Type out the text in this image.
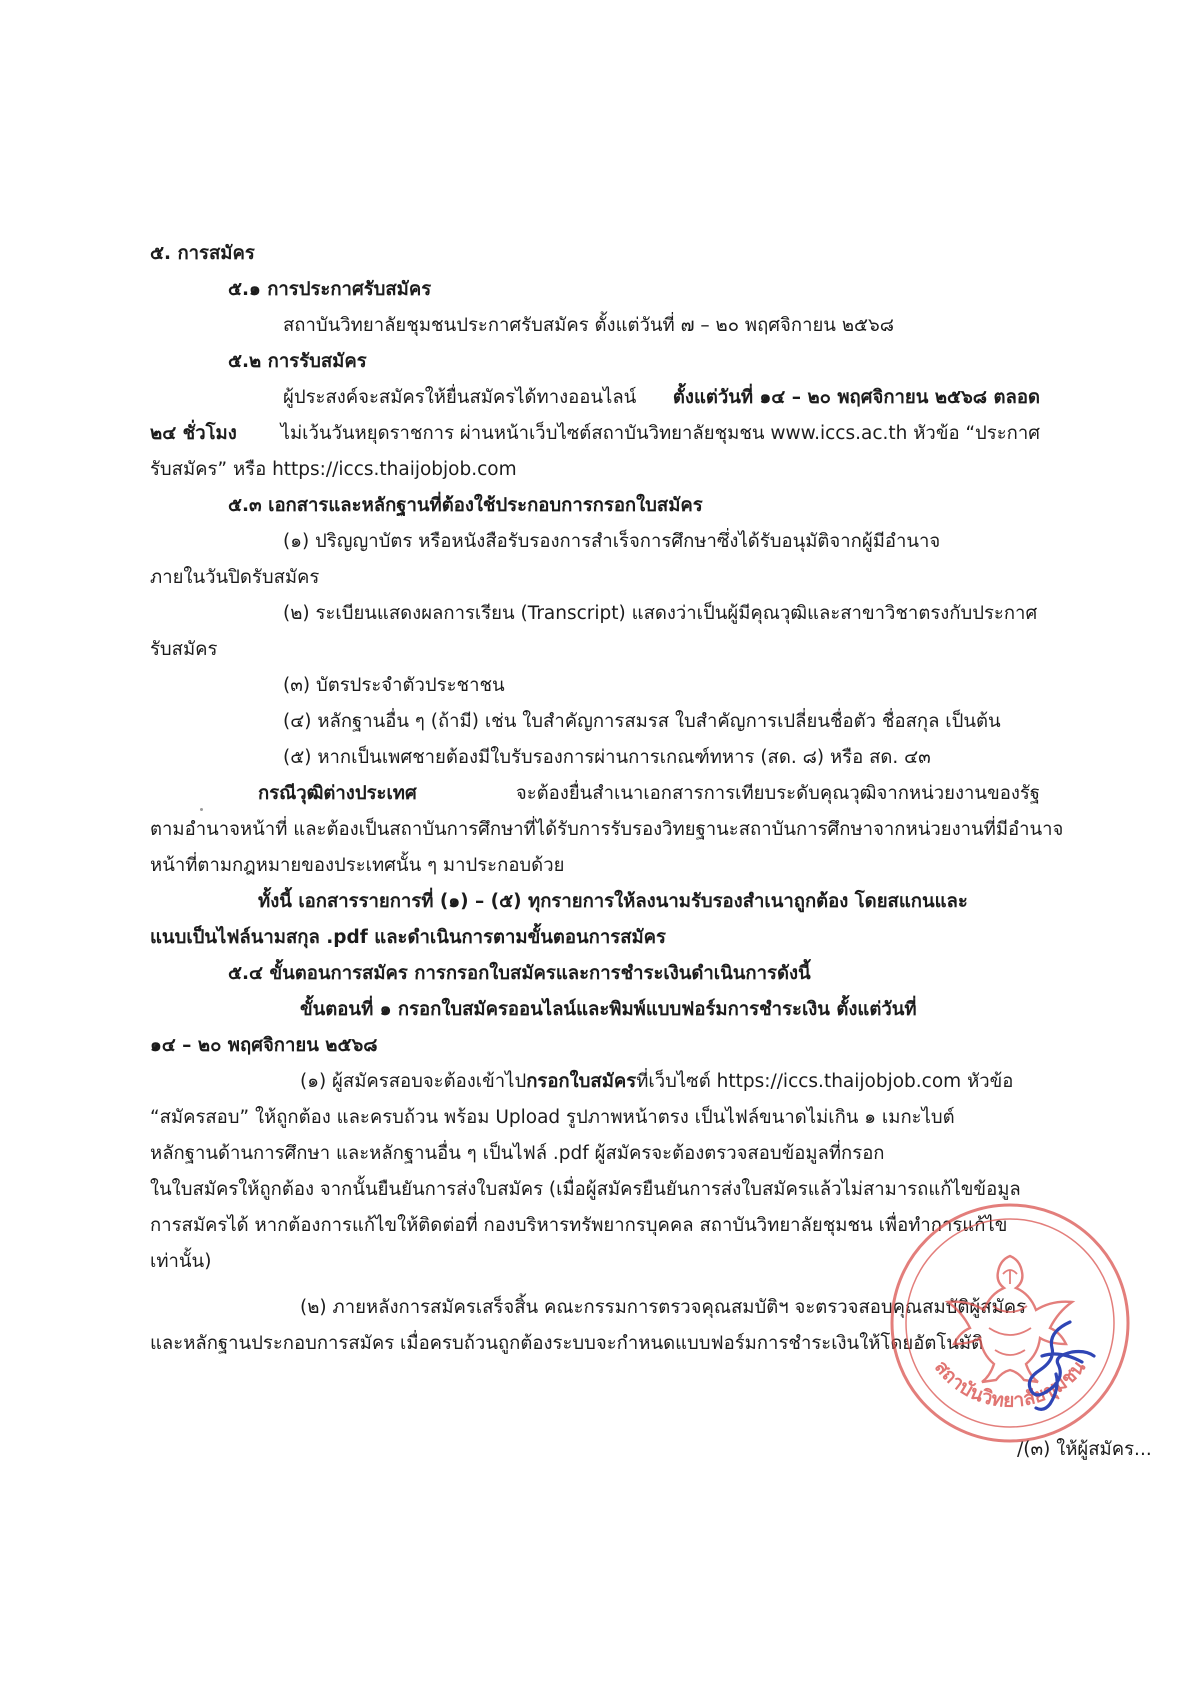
๕. การสมัคร
๕.๑ การประกาศรับสมัคร
สถาบันวิทยาลัยชุมชนประกาศรับสมัคร ตั้งแต่วันที่ ๗ – ๒๐ พฤศจิกายน ๒๕๖๘
๕.๒ การรับสมัคร
ผู้ประสงค์จะสมัครให้ยื่นสมัครได้ทางออนไลน์ ตั้งแต่วันที่ ๑๔ – ๒๐ พฤศจิกายน ๒๕๖๘ ตลอด
๒๔ ชั่วโมง ไม่เว้นวันหยุดราชการ ผ่านหน้าเว็บไซต์สถาบันวิทยาลัยชุมชน www.iccs.ac.th หัวข้อ “ประกาศ
รับสมัคร” หรือ https://iccs.thaijobjob.com
๕.๓ เอกสารและหลักฐานที่ต้องใช้ประกอบการกรอกใบสมัคร
(๑) ปริญญาบัตร หรือหนังสือรับรองการสำเร็จการศึกษาซึ่งได้รับอนุมัติจากผู้มีอำนาจ
ภายในวันปิดรับสมัคร
(๒) ระเบียนแสดงผลการเรียน (Transcript) แสดงว่าเป็นผู้มีคุณวุฒิและสาขาวิชาตรงกับประกาศ
รับสมัคร
(๓) บัตรประจำตัวประชาชน
(๔) หลักฐานอื่น ๆ (ถ้ามี) เช่น ใบสำคัญการสมรส ใบสำคัญการเปลี่ยนชื่อตัว ชื่อสกุล เป็นต้น
(๕) หากเป็นเพศชายต้องมีใบรับรองการผ่านการเกณฑ์ทหาร (สด. ๘) หรือ สด. ๔๓
กรณีวุฒิต่างประเทศ	จะต้องยื่นสำเนาเอกสารการเทียบระดับคุณวุฒิจากหน่วยงานของรัฐ
ตามอำนาจหน้าที่ และต้องเป็นสถาบันการศึกษาที่ได้รับการรับรองวิทยฐานะสถาบันการศึกษาจากหน่วยงานที่มีอำนาจ
หน้าที่ตามกฎหมายของประเทศนั้น ๆ มาประกอบด้วย
ทั้งนี้ เอกสารรายการที่ (๑) – (๕) ทุกรายการให้ลงนามรับรองสำเนาถูกต้อง โดยสแกนและ
แนบเป็นไฟล์นามสกุล .pdf และดำเนินการตามขั้นตอนการสมัคร
๕.๔ ขั้นตอนการสมัคร การกรอกใบสมัครและการชำระเงินดำเนินการดังนี้
ขั้นตอนที่ ๑ กรอกใบสมัครออนไลน์และพิมพ์แบบฟอร์มการชำระเงิน ตั้งแต่วันที่
๑๔ – ๒๐ พฤศจิกายน ๒๕๖๘
(๑) ผู้สมัครสอบจะต้องเข้าไปกรอกใบสมัครที่เว็บไซต์ https://iccs.thaijobjob.com หัวข้อ
“สมัครสอบ” ให้ถูกต้อง และครบถ้วน พร้อม Upload รูปภาพหน้าตรง เป็นไฟล์ขนาดไม่เกิน ๑ เมกะไบต์
หลักฐานด้านการศึกษา และหลักฐานอื่น ๆ เป็นไฟล์ .pdf ผู้สมัครจะต้องตรวจสอบข้อมูลที่กรอก
ในใบสมัครให้ถูกต้อง จากนั้นยืนยันการส่งใบสมัคร (เมื่อผู้สมัครยืนยันการส่งใบสมัครแล้วไม่สามารถแก้ไขข้อมูล
การสมัครได้ หากต้องการแก้ไขให้ติดต่อที่ กองบริหารทรัพยากรบุคคล สถาบันวิทยาลัยชุมชน เพื่อทำการแก้ไข
เท่านั้น)
(๒) ภายหลังการสมัครเสร็จสิ้น คณะกรรมการตรวจคุณสมบัติฯ จะตรวจสอบคุณสมบัติผู้สมัคร
และหลักฐานประกอบการสมัคร เมื่อครบถ้วนถูกต้องระบบจะกำหนดแบบฟอร์มการชำระเงินให้โดยอัตโนมัติ
สถาบันวิทยาลัยชุมชน
/(๓) ให้ผู้สมัคร...
